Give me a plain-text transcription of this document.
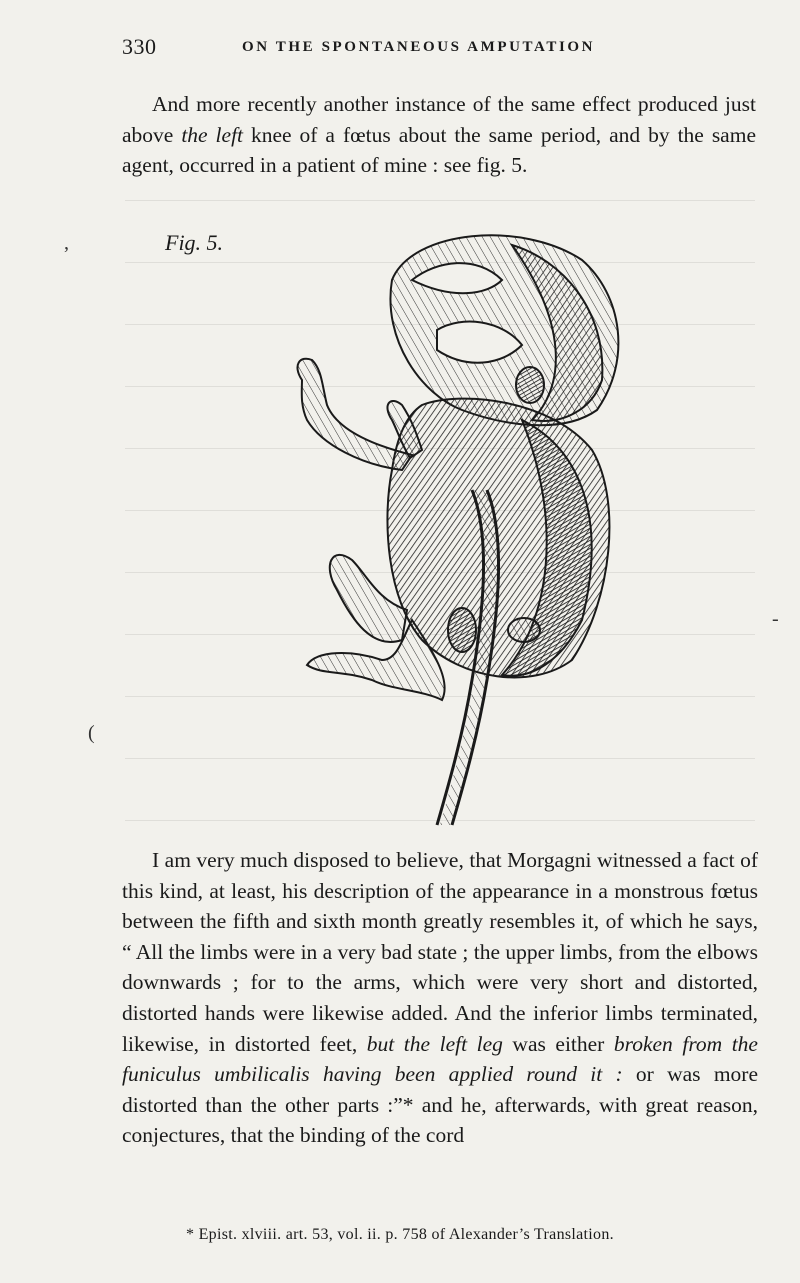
330	ON THE SPONTANEOUS AMPUTATION
And more recently another instance of the same effect produced just above the left knee of a fœtus about the same period, and by the same agent, occurred in a patient of mine : see fig. 5.
,	Fig. 5.
-
(
I am very much disposed to believe, that Morgagni witnessed a fact of this kind, at least, his description of the appearance in a monstrous fœtus between the fifth and sixth month greatly resembles it, of which he says, “ All the limbs were in a very bad state ; the upper limbs, from the elbows downwards ; for to the arms, which were very short and distorted, distorted hands were likewise added. And the inferior limbs terminated, likewise, in distorted feet, but the left leg was either broken from the funiculus umbilicalis having been applied round it : or was more distorted than the other parts :”* and he, afterwards, with great reason, conjectures, that the binding of the cord
* Epist. xlviii. art. 53, vol. ii. p. 758 of Alexander’s Translation.
